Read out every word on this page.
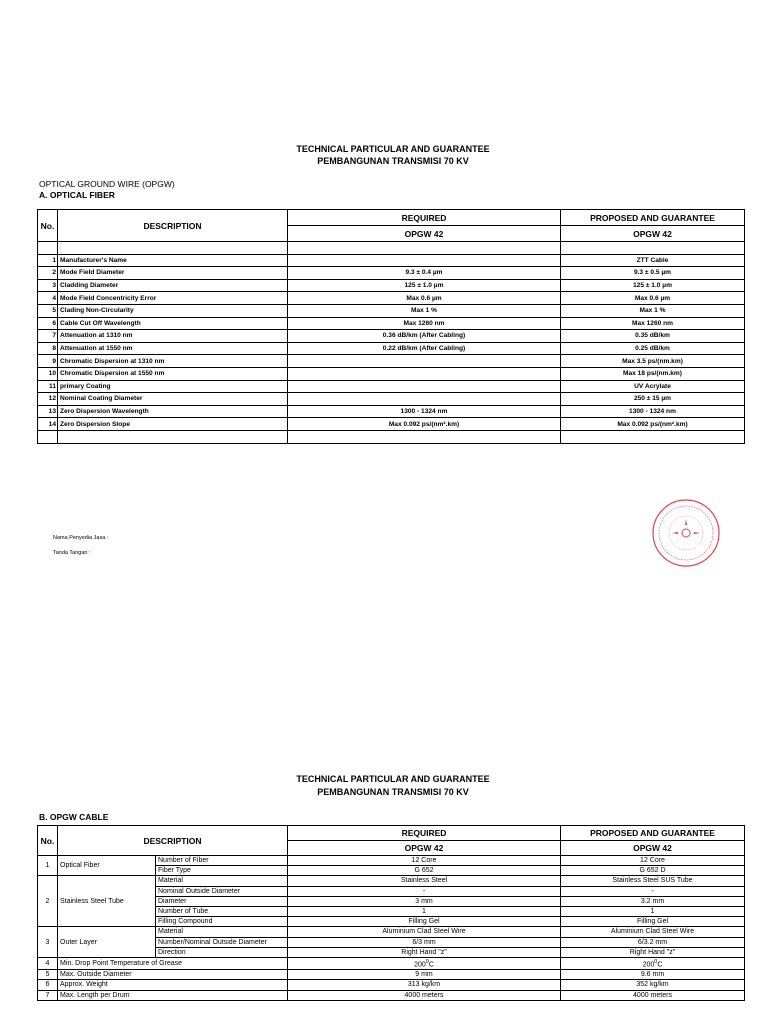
TECHNICAL PARTICULAR AND GUARANTEE
PEMBANGUNAN TRANSMISI 70 KV
OPTICAL GROUND WIRE (OPGW)
A. OPTICAL FIBER
No.	DESCRIPTION	REQUIRED	PROPOSED AND GUARANTEE
		OPGW 42	OPGW 42

1	Manufacturer's Name		ZTT Cable
2	Mode Field Diameter	9.3 ± 0.4 µm	9.3 ± 0.5 µm
3	Cladding Diameter	125 ± 1.0 µm	125 ± 1.0 µm
4	Mode Field Concentricity Error	Max 0.6 µm	Max 0.6 µm
5	Clading Non-Circularity	Max 1 %	Max 1 %
6	Cable Cut Off Wavelength	Max 1260 nm	Max 1260 nm
7	Attenuation at 1310 nm	0.36 dB/km (After Cabling)	0.35 dB/km
8	Attenuation at 1550 nm	0.22 dB/km (After Cabling)	0.25 dB/km
9	Chromatic Dispersion at 1310 nm		Max 3.5 ps/(nm.km)
10	Chromatic Dispersion at 1550 nm		Max 18 ps/(nm.km)
11	primary Coating		UV Acrylate
12	Nominal Coating Diameter		250 ± 15 µm
13	Zero Dispersion Wavelength	1300 - 1324 nm	1300 - 1324 nm
14	Zero Dispersion Slope	Max 0.092 ps/(nm².km)	Max 0.092 ps/(nm².km)

Nama Penyedia Jasa :
Tanda Tangan :
TECHNICAL PARTICULAR AND GUARANTEE
PEMBANGUNAN TRANSMISI 70 KV
B. OPGW CABLE
No.	DESCRIPTION		REQUIRED	PROPOSED AND GUARANTEE
			OPGW 42	OPGW 42
1	Optical Fiber	Number of Fiber	12 Core	12 Core
		Fiber Type	G 652	G 652 D
2	Stainless Steel Tube	Material	Stainless Steel	Stainless Steel SUS Tube
		Nominal Outside Diameter	-	-
		Diameter	3 mm	3.2 mm
		Number of Tube	1	1
		Filling Compound	Filling Gel	Filling Gel
3	Outer Layer	Material	Aluminium Clad Steel Wire	Aluminium Clad Steel Wire
		Number/Nominal Outside Diameter	6/3 mm	6/3.2 mm
		Direction	Right Hand "z"	Right Hand "z"
4	Min. Drop Point Temperature of Grease		$200^0C$	$200^0C$
5	Max. Outside Diameter		9 mm	9.6 mm
6	Approx. Weight		313 kg/km	352 kg/km
7	Max. Length per Drum		4000 meters	4000 meters
